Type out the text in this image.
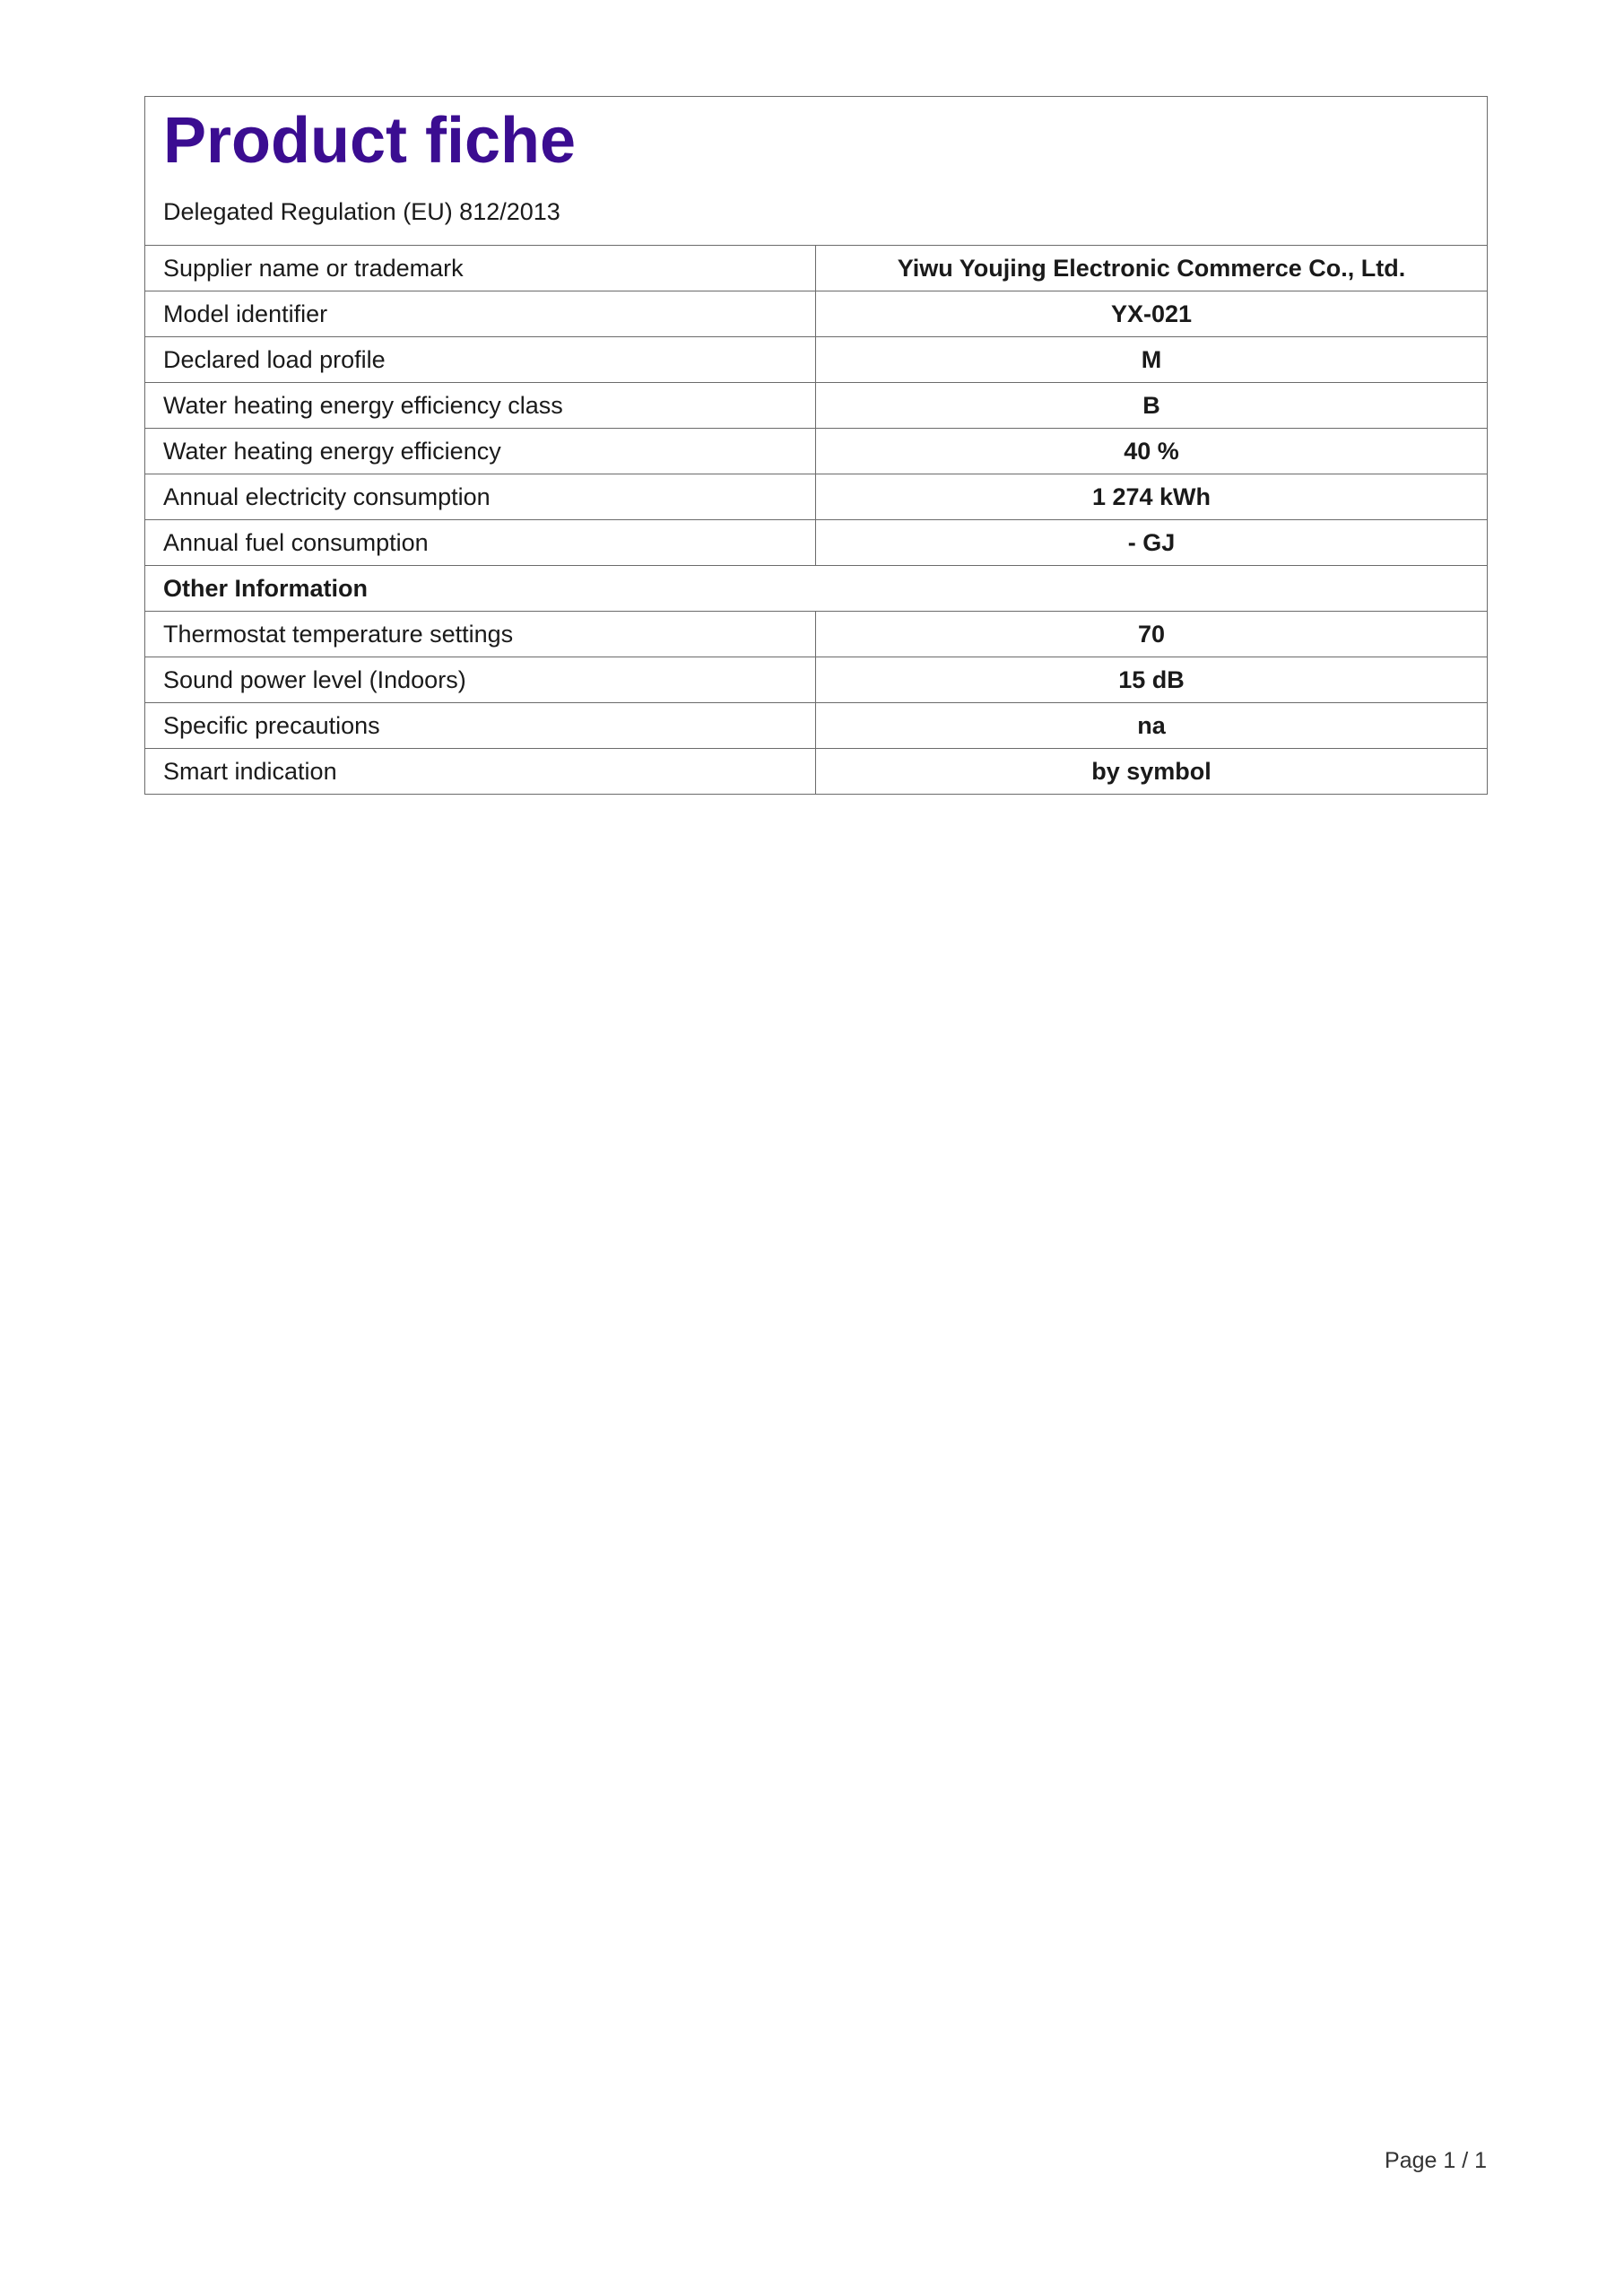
Product fiche
Delegated Regulation (EU) 812/2013	

Supplier name or trademark	Yiwu Youjing Electronic Commerce Co., Ltd.
Model identifier	YX-021
Declared load profile	M
Water heating energy efficiency class	B
Water heating energy efficiency	40 %
Annual electricity consumption	1 274 kWh
Annual fuel consumption	- GJ
Other Information	
Thermostat temperature settings	70
Sound power level (Indoors)	15 dB
Specific precautions	na
Smart indication	by symbol
Page 1 / 1
